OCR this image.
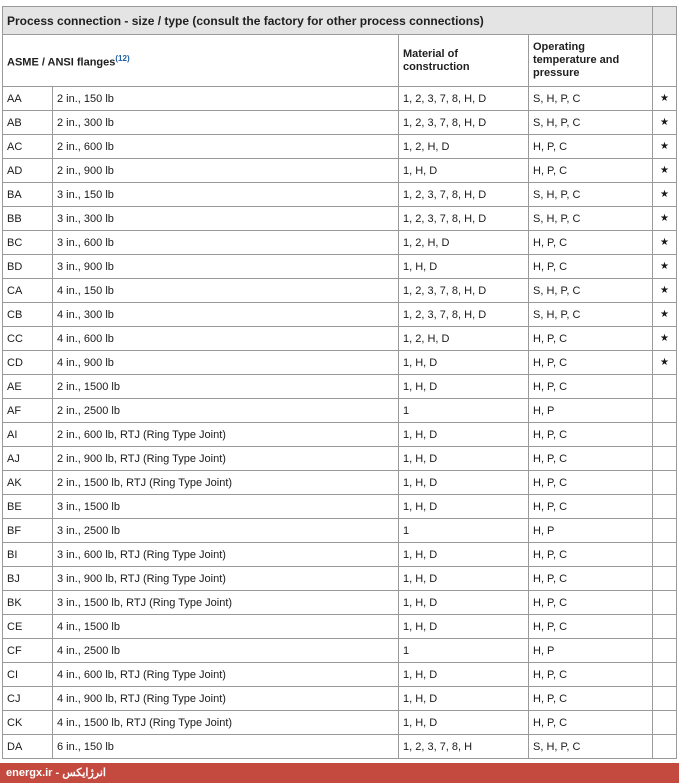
Process connection - size / type (consult the factory for other process connections)				
ASME / ANSI flanges$^{(12)}$		Material of construction	Operating temperature and pressure	
AA	2 in., 150 lb	1, 2, 3, 7, 8, H, D	S, H, P, C	★
AB	2 in., 300 lb	1, 2, 3, 7, 8, H, D	S, H, P, C	★
AC	2 in., 600 lb	1, 2, H, D	H, P, C	★
AD	2 in., 900 lb	1, H, D	H, P, C	★
BA	3 in., 150 lb	1, 2, 3, 7, 8, H, D	S, H, P, C	★
BB	3 in., 300 lb	1, 2, 3, 7, 8, H, D	S, H, P, C	★
BC	3 in., 600 lb	1, 2, H, D	H, P, C	★
BD	3 in., 900 lb	1, H, D	H, P, C	★
CA	4 in., 150 lb	1, 2, 3, 7, 8, H, D	S, H, P, C	★
CB	4 in., 300 lb	1, 2, 3, 7, 8, H, D	S, H, P, C	★
CC	4 in., 600 lb	1, 2, H, D	H, P, C	★
CD	4 in., 900 lb	1, H, D	H, P, C	★
AE	2 in., 1500 lb	1, H, D	H, P, C	
AF	2 in., 2500 lb	1	H, P	
AI	2 in., 600 lb, RTJ (Ring Type Joint)	1, H, D	H, P, C	
AJ	2 in., 900 lb, RTJ (Ring Type Joint)	1, H, D	H, P, C	
AK	2 in., 1500 lb, RTJ (Ring Type Joint)	1, H, D	H, P, C	
BE	3 in., 1500 lb	1, H, D	H, P, C	
BF	3 in., 2500 lb	1	H, P	
BI	3 in., 600 lb, RTJ (Ring Type Joint)	1, H, D	H, P, C	
BJ	3 in., 900 lb, RTJ (Ring Type Joint)	1, H, D	H, P, C	
BK	3 in., 1500 lb, RTJ (Ring Type Joint)	1, H, D	H, P, C	
CE	4 in., 1500 lb	1, H, D	H, P, C	
CF	4 in., 2500 lb	1	H, P	
CI	4 in., 600 lb, RTJ (Ring Type Joint)	1, H, D	H, P, C	
CJ	4 in., 900 lb, RTJ (Ring Type Joint)	1, H, D	H, P, C	
CK	4 in., 1500 lb, RTJ (Ring Type Joint)	1, H, D	H, P, C	
DA	6 in., 150 lb	1, 2, 3, 7, 8, H	S, H, P, C	
energx.ir - انرژایکس
